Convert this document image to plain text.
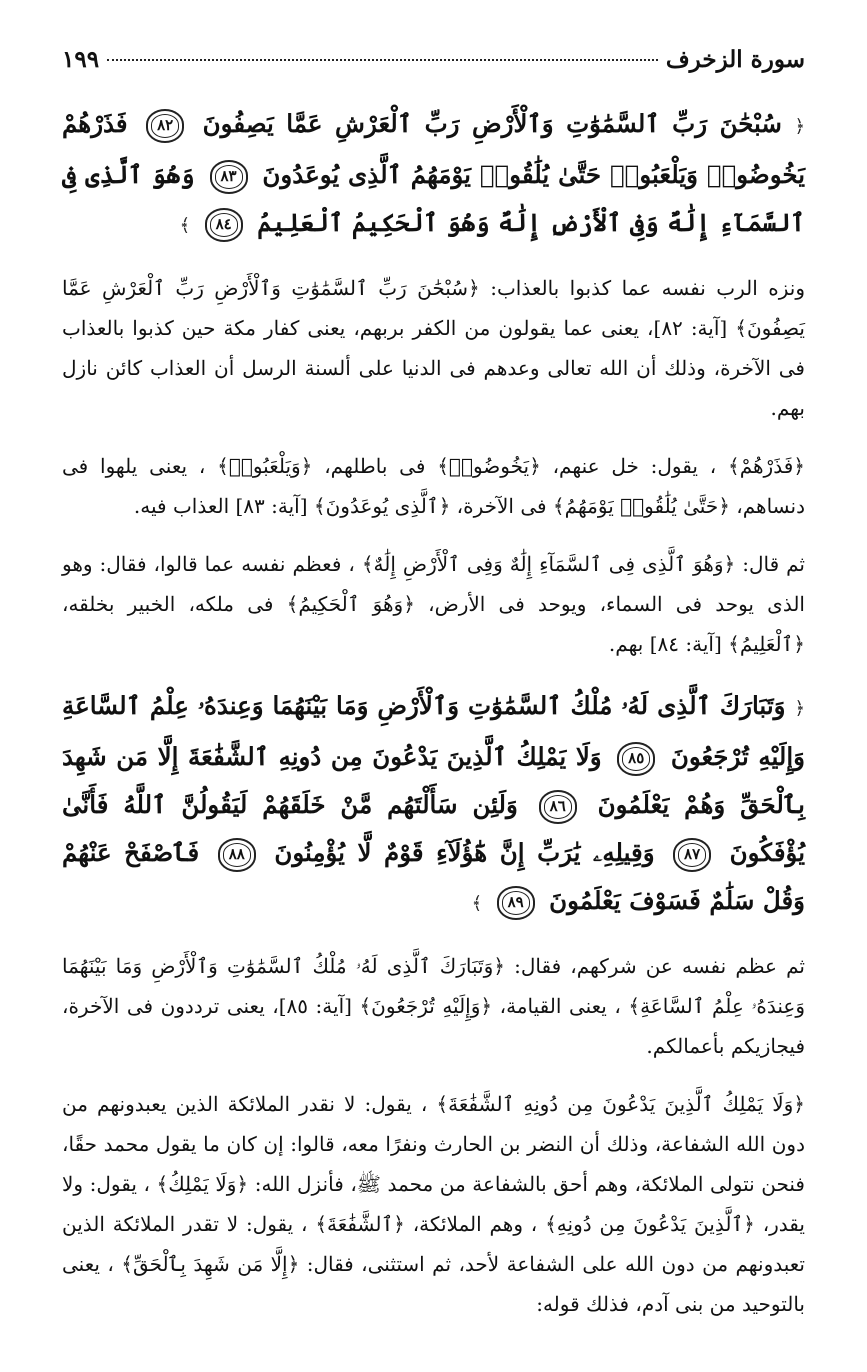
سورة الزخرف
١٩٩

﴿ سُبْحَٰنَ رَبِّ ٱلسَّمَٰوَٰتِ وَٱلْأَرْضِ رَبِّ ٱلْعَرْشِ عَمَّا يَصِفُونَ ٨٢ فَذَرْهُمْ يَخُوضُوا۟ وَيَلْعَبُوا۟ حَتَّىٰ يُلَٰقُوا۟ يَوْمَهُمُ ٱلَّذِى يُوعَدُونَ ٨٣ وَهُوَ ٱلَّذِى فِى ٱلسَّمَآءِ إِلَٰهٌ وَفِى ٱلْأَرْضِ إِلَٰهٌ وَهُوَ ٱلْحَكِيمُ ٱلْعَلِيمُ ٨٤ ﴾

ونزه الرب نفسه عما كذبوا بالعذاب: ﴿سُبْحَٰنَ رَبِّ ٱلسَّمَٰوَٰتِ وَٱلْأَرْضِ رَبِّ ٱلْعَرْشِ عَمَّا يَصِفُونَ﴾ [آية: ٨٢]، يعنى عما يقولون من الكفر بربهم، يعنى كفار مكة حين كذبوا بالعذاب فى الآخرة، وذلك أن الله تعالى وعدهم فى الدنيا على ألسنة الرسل أن العذاب كائن نازل بهم.

﴿فَذَرْهُمْ﴾ ، يقول: خل عنهم، ﴿يَخُوضُوا۟﴾ فى باطلهم، ﴿وَيَلْعَبُوا۟﴾ ، يعنى يلهوا فى دنساهم، ﴿حَتَّىٰ يُلَٰقُوا۟ يَوْمَهُمُ﴾ فى الآخرة، ﴿ٱلَّذِى يُوعَدُونَ﴾ [آية: ٨٣] العذاب فيه.

ثم قال: ﴿وَهُوَ ٱلَّذِى فِى ٱلسَّمَآءِ إِلَٰهٌ وَفِى ٱلْأَرْضِ إِلَٰهٌ﴾ ، فعظم نفسه عما قالوا، فقال: وهو الذى يوحد فى السماء، ويوحد فى الأرض، ﴿وَهُوَ ٱلْحَكِيمُ﴾ فى ملكه، الخبير بخلقه، ﴿ٱلْعَلِيمُ﴾ [آية: ٨٤] بهم.

﴿ وَتَبَارَكَ ٱلَّذِى لَهُۥ مُلْكُ ٱلسَّمَٰوَٰتِ وَٱلْأَرْضِ وَمَا بَيْنَهُمَا وَعِندَهُۥ عِلْمُ ٱلسَّاعَةِ وَإِلَيْهِ تُرْجَعُونَ ٨٥ وَلَا يَمْلِكُ ٱلَّذِينَ يَدْعُونَ مِن دُونِهِ ٱلشَّفَٰعَةَ إِلَّا مَن شَهِدَ بِٱلْحَقِّ وَهُمْ يَعْلَمُونَ ٨٦ وَلَئِن سَأَلْتَهُم مَّنْ خَلَقَهُمْ لَيَقُولُنَّ ٱللَّهُ فَأَنَّىٰ يُؤْفَكُونَ ٨٧ وَقِيلِهِۦ يَٰرَبِّ إِنَّ هَٰٓؤُلَآءِ قَوْمٌ لَّا يُؤْمِنُونَ ٨٨ فَٱصْفَحْ عَنْهُمْ وَقُلْ سَلَٰمٌ فَسَوْفَ يَعْلَمُونَ ٨٩ ﴾

ثم عظم نفسه عن شركهم، فقال: ﴿وَتَبَارَكَ ٱلَّذِى لَهُۥ مُلْكُ ٱلسَّمَٰوَٰتِ وَٱلْأَرْضِ وَمَا بَيْنَهُمَا وَعِندَهُۥ عِلْمُ ٱلسَّاعَةِ﴾ ، يعنى القيامة، ﴿وَإِلَيْهِ تُرْجَعُونَ﴾ [آية: ٨٥]، يعنى ترددون فى الآخرة، فيجازيكم بأعمالكم.

﴿وَلَا يَمْلِكُ ٱلَّذِينَ يَدْعُونَ مِن دُونِهِ ٱلشَّفَٰعَةَ﴾ ، يقول: لا نقدر الملائكة الذين يعبدونهم من دون الله الشفاعة، وذلك أن النضر بن الحارث ونفرًا معه، قالوا: إن كان ما يقول محمد حقًا، فنحن نتولى الملائكة، وهم أحق بالشفاعة من محمد ﷺ، فأنزل الله: ﴿وَلَا يَمْلِكُ﴾ ، يقول: ولا يقدر، ﴿ٱلَّذِينَ يَدْعُونَ مِن دُونِهِ﴾ ، وهم الملائكة، ﴿ٱلشَّفَٰعَةَ﴾ ، يقول: لا تقدر الملائكة الذين تعبدونهم من دون الله على الشفاعة لأحد، ثم استثنى، فقال: ﴿إِلَّا مَن شَهِدَ بِٱلْحَقِّ﴾ ، يعنى بالتوحيد من بنى آدم، فذلك قوله:
